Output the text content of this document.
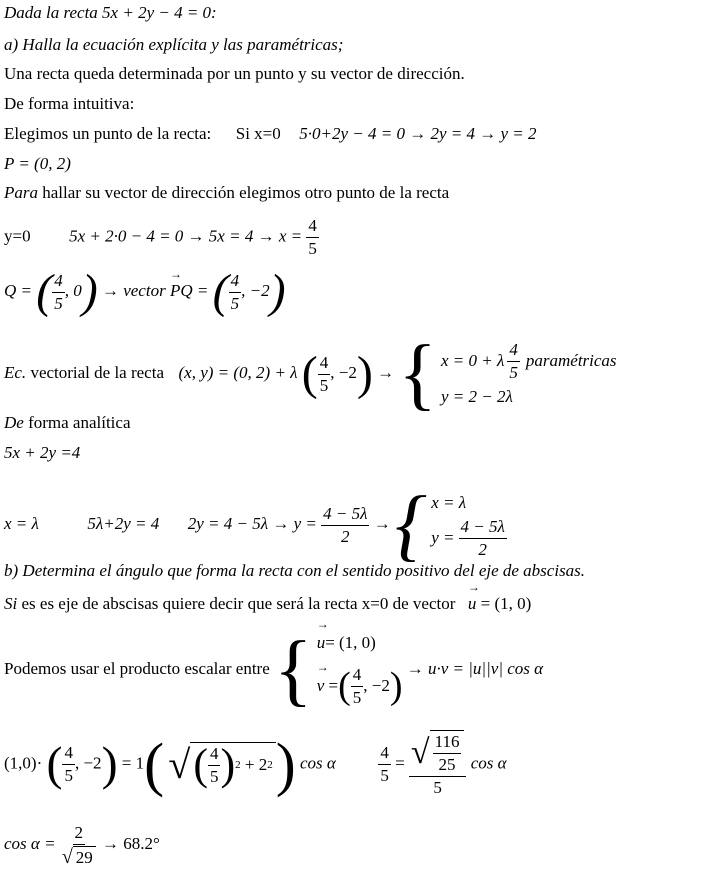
Dada la recta 5x + 2y − 4 = 0:
a) Halla la ecuación explícita y las paramétricas;
Una recta queda determinada por un punto y su vector de dirección.
De forma intuitiva:
Elegimos un punto de la recta: Si x=0 5·0+2y − 4 = 0 → 2y = 4 → y = 2
P = (0, 2)
Para hallar su vector de dirección elegimos otro punto de la recta
y=0 $5x + 2\cdot 0 - 4 = 0 \to 5x = 4 \to x = \frac{4}{5}$
Q = ( $\frac{4}{5}$ , 0) → vector → PQ = ( $\frac{4}{5}$ , −2)
Ec. vectorial de la recta (x, y) = (0, 2) + λ ( $\frac{4}{5}$ , −2) → { x = 0 + λ $\frac{4}{5}$ paramétricas
y = 2 − 2λ
De forma analítica
5x + 2y =4
x = λ	5λ+2y = 4 $2y = 4 - 5\lambda \to y = \frac{4 - 5\lambda}{2}$ → { x = λ
$y = \frac{4 - 5\lambda}{2}$
b) Determina el ángulo que forma la recta con el sentido positivo del eje de abscisas.
Si es es eje de abscisas quiere decir que será la recta x=0 de vector → u = (1, 0)
Podemos usar el producto escalar entre { → u = (1, 0)
→ v = ( $\frac{4}{5}$ , −2 ) → u·v = |u||v| cos α
(1,0)· ( $\frac{4}{5}$ , −2) = 1( √ ( $\frac{4}{5}$ ) 2
+ 2 2 ) cos α	$\frac{4}{5} = \frac{√ \frac{116}{25}}{5}$ cos α
$\cos \alpha = \frac{2}{√ 29} \to 68.2^\circ$
